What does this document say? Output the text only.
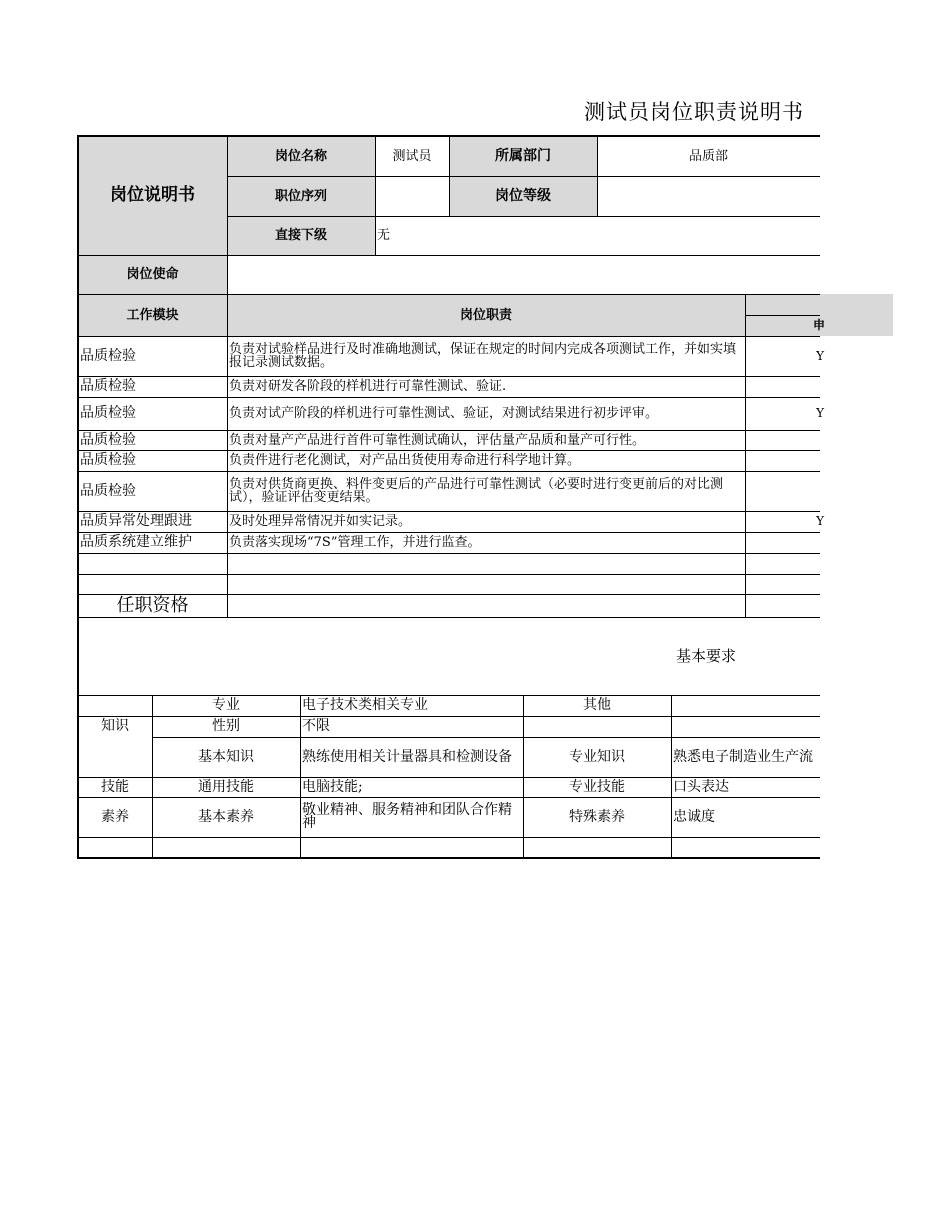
测试员岗位职责说明书
岗位说明书
岗位名称	测试员	所属部门	品质部
职位序列	岗位等级
直接下级	无
岗位使命
工作模块	岗位职责
申
品质检验	负责对试验样品进行及时准确地测试，保证在规定的时间内完成各项测试工作，并如实填报记录测试数据。	Y
品质检验	负责对研发各阶段的样机进行可靠性测试、验证.
品质检验	负责对试产阶段的样机进行可靠性测试、验证，对测试结果进行初步评审。	Y
品质检验	负责对量产产品进行首件可靠性测试确认，评估量产品质和量产可行性。
品质检验	负责件进行老化测试，对产品出货使用寿命进行科学地计算。
品质检验	负责对供货商更换、料件变更后的产品进行可靠性测试（必要时进行变更前后的对比测试），验证评估变更结果。
品质异常处理跟进	及时处理异常情况并如实记录。	Y
品质系统建立维护	负责落实现场“7S”管理工作，并进行监查。
任职资格
基本要求
专业	电子技术类相关专业	其他
知识	性别	不限
基本知识	熟练使用相关计量器具和检测设备	专业知识	熟悉电子制造业生产流
技能	通用技能	电脑技能;	专业技能	口头表达
素养	基本素养	敬业精神、服务精神和团队合作精神	特殊素养	忠诚度
